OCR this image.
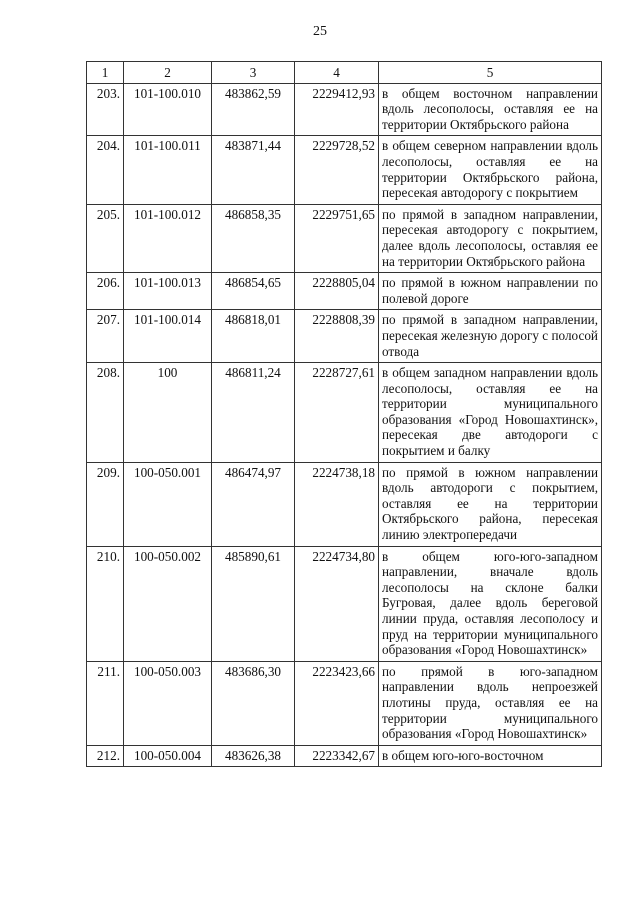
25
1	2	3	4	5
203.	101-100.010	483862,59	2229412,93	в общем восточном направлении вдоль лесополосы, оставляя ее на территории Октябрьского района
204.	101-100.011	483871,44	2229728,52	в общем северном направлении вдоль лесополосы, оставляя ее на территории Октябрьского района, пересекая автодорогу с покрытием
205.	101-100.012	486858,35	2229751,65	по прямой в западном направлении, пересекая автодорогу с покрытием, далее вдоль лесополосы, оставляя ее на территории Октябрьского района
206.	101-100.013	486854,65	2228805,04	по прямой в южном направлении по полевой дороге
207.	101-100.014	486818,01	2228808,39	по прямой в западном направлении, пересекая железную дорогу с полосой отвода
208.	100	486811,24	2228727,61	в общем западном направлении вдоль лесополосы, оставляя ее на территории муниципального образования «Город Новошахтинск», пересекая две автодороги с покрытием и балку
209.	100-050.001	486474,97	2224738,18	по прямой в южном направлении вдоль автодороги с покрытием, оставляя ее на территории Октябрьского района, пересекая линию электропередачи
210.	100-050.002	485890,61	2224734,80	в общем юго-юго-западном направлении, вначале вдоль лесополосы на склоне балки Бугровая, далее вдоль береговой линии пруда, оставляя лесополосу и пруд на территории муниципального образования «Город Новошахтинск»
211.	100-050.003	483686,30	2223423,66	по прямой в юго-западном направлении вдоль непроезжей плотины пруда, оставляя ее на территории муниципального образования «Город Новошахтинск»
212.	100-050.004	483626,38	2223342,67	в общем юго-юго-восточном
